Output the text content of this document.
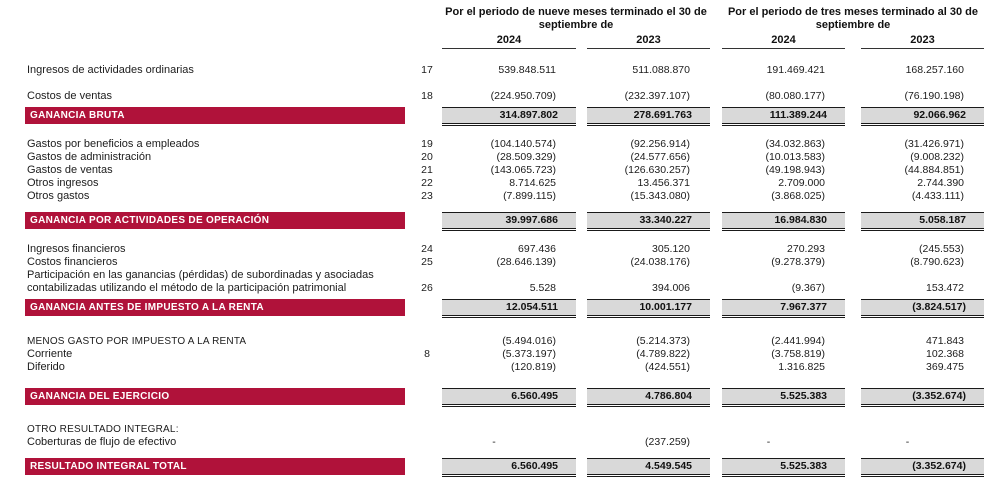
Por el periodo de nueve meses terminado el 30 de septiembre de
Por el periodo de tres meses terminado al 30 de septiembre de
2024	2023	2024	2023
Ingresos de actividades ordinarias	17	539.848.511	511.088.870	191.469.421	168.257.160
Costos de ventas	18	(224.950.709)	(232.397.107)	(80.080.177)	(76.190.198)
GANANCIA BRUTA	314.897.802	278.691.763	111.389.244	92.066.962
Gastos por beneficios a empleados	19	(104.140.574)	(92.256.914)	(34.032.863)	(31.426.971)
Gastos de administración	20	(28.509.329)	(24.577.656)	(10.013.583)	(9.008.232)
Gastos de ventas	21	(143.065.723)	(126.630.257)	(49.198.943)	(44.884.851)
Otros ingresos	22	8.714.625	13.456.371	2.709.000	2.744.390
Otros gastos	23	(7.899.115)	(15.343.080)	(3.868.025)	(4.433.111)
GANANCIA POR ACTIVIDADES DE OPERACIÓN	39.997.686	33.340.227	16.984.830	5.058.187
Ingresos financieros	24	697.436	305.120	270.293	(245.553)
Costos financieros	25	(28.646.139)	(24.038.176)	(9.278.379)	(8.790.623)
Participación en las ganancias (pérdidas) de subordinadas y asociadas contabilizadas utilizando el método de la participación patrimonial	26	5.528	394.006	(9.367)	153.472
GANANCIA ANTES DE IMPUESTO A LA RENTA	12.054.511	10.001.177	7.967.377	(3.824.517)
MENOS GASTO POR IMPUESTO A LA RENTA	(5.494.016)	(5.214.373)	(2.441.994)	471.843
Corriente	8	(5.373.197)	(4.789.822)	(3.758.819)	102.368
Diferido	(120.819)	(424.551)	1.316.825	369.475
GANANCIA DEL EJERCICIO	6.560.495	4.786.804	5.525.383	(3.352.674)
OTRO RESULTADO INTEGRAL:
Coberturas de flujo de efectivo	-	(237.259)	-	-
RESULTADO INTEGRAL TOTAL	6.560.495	4.549.545	5.525.383	(3.352.674)
